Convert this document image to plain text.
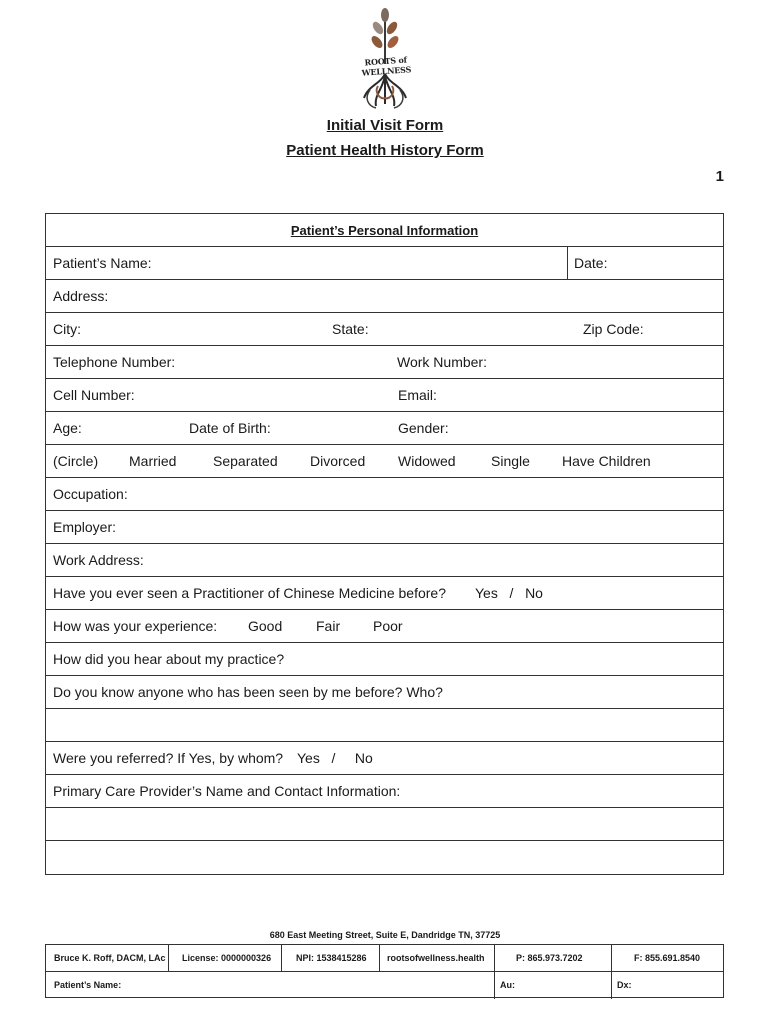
ROOTS of WELLNESS
Initial Visit Form
Patient Health History Form
1
Patient’s Personal Information
Patient’s Name:	Date:
Address:
City:	State:	Zip Code:
Telephone Number:	Work Number:
Cell Number:	Email:
Age:	Date of Birth:	Gender:
(Circle) Married	Separated Divorced Widowed	Single Have Children
Occupation:
Employer:
Work Address:
Have you ever seen a Practitioner of Chinese Medicine before? Yes   /   No
How was your experience: Good Fair Poor
How did you hear about my practice?
Do you know anyone who has been seen by me before? Who?
Were you referred? If Yes, by whom? Yes   /     No
Primary Care Provider’s Name and Contact Information:
680 East Meeting Street, Suite E, Dandridge TN, 37725
Bruce K. Roff, DACM, LAc License: 0000000326	NPI: 1538415286 rootsofwellness.health	P: 865.973.7202	F: 855.691.8540
Patient’s Name:	Au:	Dx:
